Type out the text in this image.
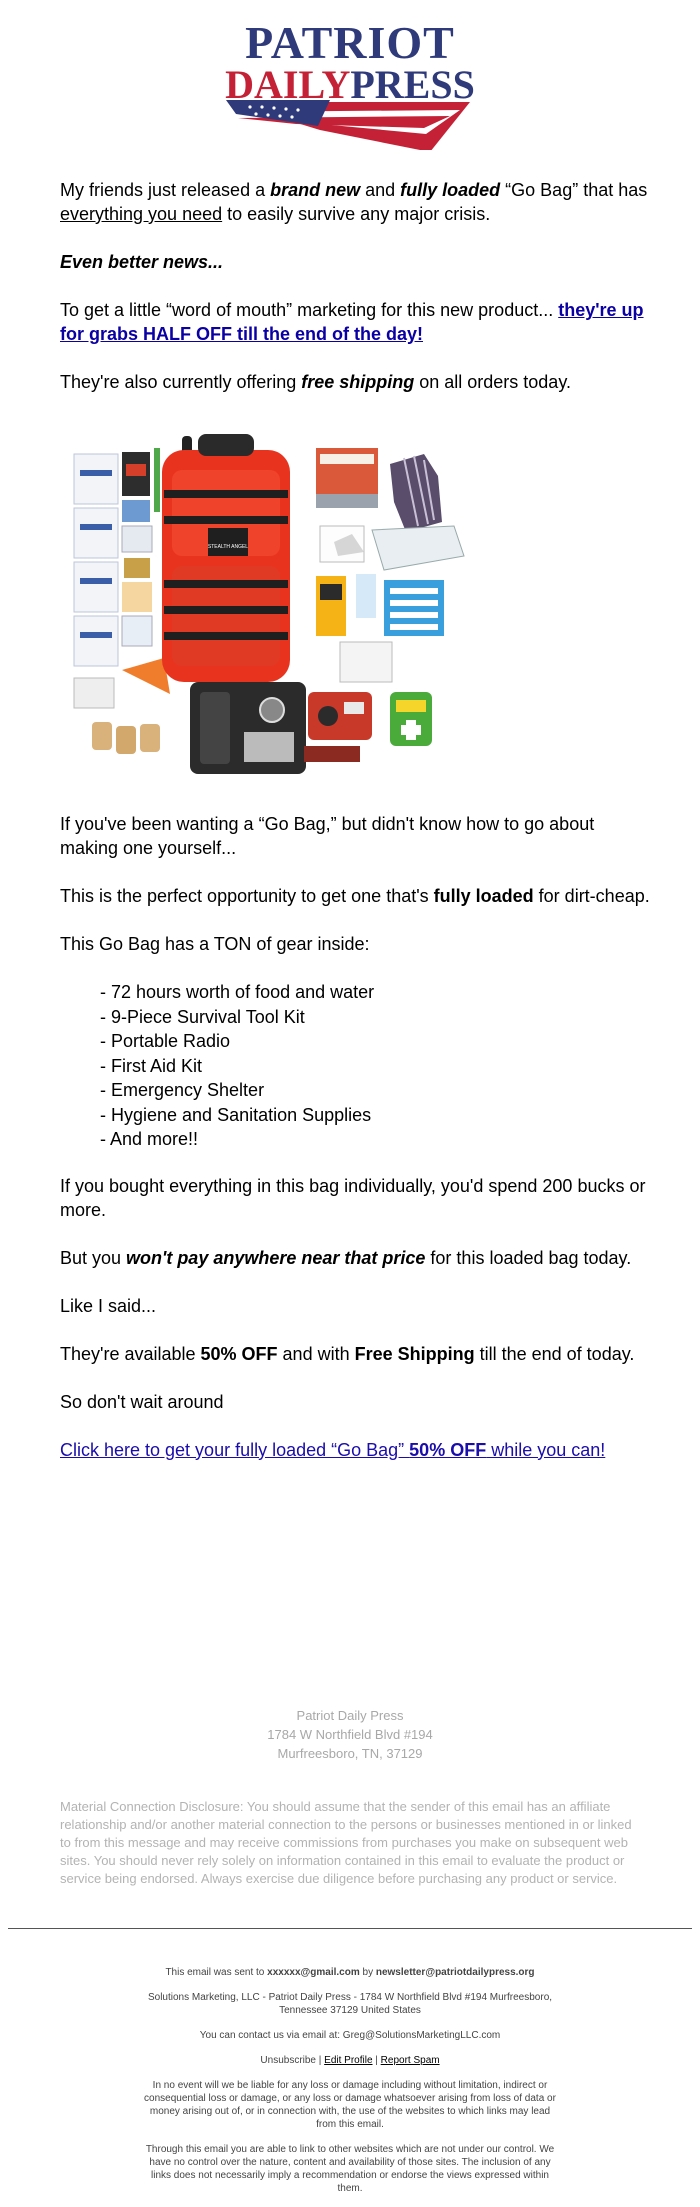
PATRIOT
DAILYPRESS

My friends just released a brand new and fully loaded “Go Bag” that has everything you need to easily survive any major crisis.

Even better news...

To get a little “word of mouth” marketing for this new product... they're up for grabs HALF OFF till the end of the day!

They're also currently offering free shipping on all orders today.

STEALTH ANGEL

If you've been wanting a “Go Bag,” but didn't know how to go about making one yourself...

This is the perfect opportunity to get one that's fully loaded for dirt-cheap.

This Go Bag has a TON of gear inside:

- 72 hours worth of food and water
- 9-Piece Survival Tool Kit
- Portable Radio
- First Aid Kit
- Emergency Shelter
- Hygiene and Sanitation Supplies
- And more!!

If you bought everything in this bag individually, you'd spend 200 bucks or more.

But you won't pay anywhere near that price for this loaded bag today.

Like I said...

They're available 50% OFF and with Free Shipping till the end of today.

So don't wait around

Click here to get your fully loaded “Go Bag” 50% OFF while you can!

Patriot Daily Press
1784 W Northfield Blvd #194
Murfreesboro, TN, 37129
Material Connection Disclosure: You should assume that the sender of this email has an affiliate relationship and/or another material connection to the persons or businesses mentioned in or linked to from this message and may receive commissions from purchases you make on subsequent web sites. You should never rely solely on information contained in this email to evaluate the product or service being endorsed. Always exercise due diligence before purchasing any product or service.

This email was sent to xxxxxx@gmail.com by newsletter@patriotdailypress.org

Solutions Marketing, LLC - Patriot Daily Press - 1784 W Northfield Blvd #194 Murfreesboro, Tennessee 37129 United States

You can contact us via email at: Greg@SolutionsMarketingLLC.com

Unsubscribe | Edit Profile | Report Spam

In no event will we be liable for any loss or damage including without limitation, indirect or consequential loss or damage, or any loss or damage whatsoever arising from loss of data or money arising out of, or in connection with, the use of the websites to which links may lead from this email.

Through this email you are able to link to other websites which are not under our control. We have no control over the nature, content and availability of those sites. The inclusion of any links does not necessarily imply a recommendation or endorse the views expressed within them.
